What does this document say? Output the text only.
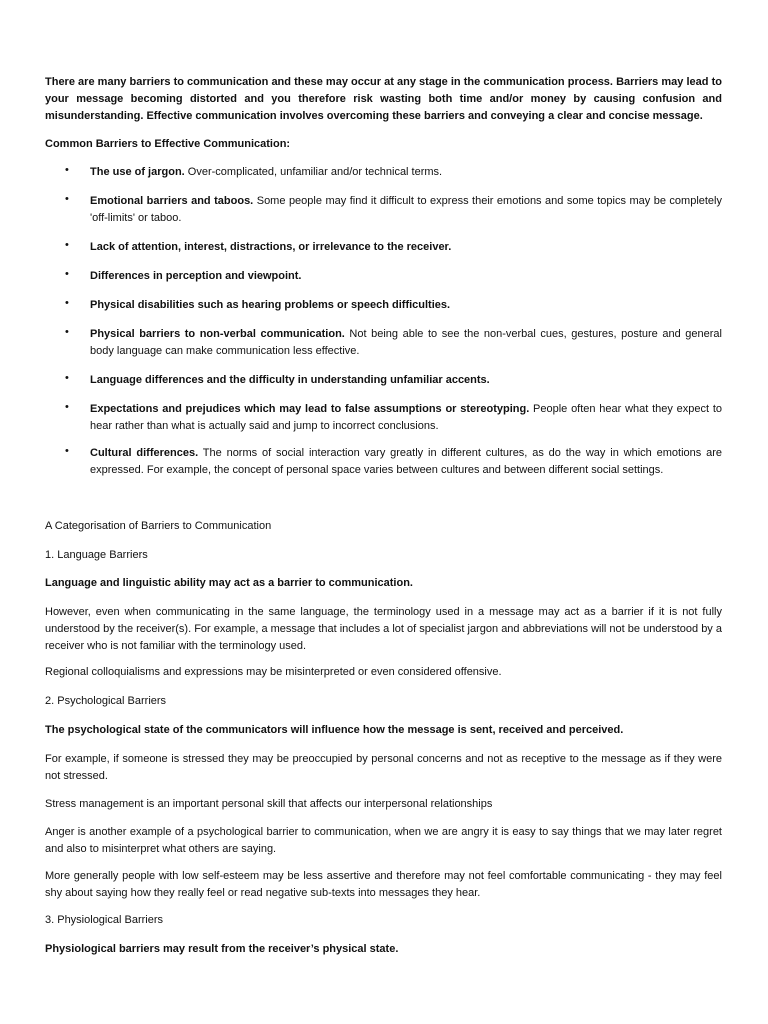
There are many barriers to communication and these may occur at any stage in the communication process. Barriers may lead to your message becoming distorted and you therefore risk wasting both time and/or money by causing confusion and misunderstanding. Effective communication involves overcoming these barriers and conveying a clear and concise message.

Common Barriers to Effective Communication:

•	The use of jargon. Over-complicated, unfamiliar and/or technical terms.

•	Emotional barriers and taboos. Some people may find it difficult to express their emotions and some topics may be completely 'off-limits' or taboo.

•	Lack of attention, interest, distractions, or irrelevance to the receiver.

•	Differences in perception and viewpoint.

•	Physical disabilities such as hearing problems or speech difficulties.

•	Physical barriers to non-verbal communication. Not being able to see the non-verbal cues, gestures, posture and general body language can make communication less effective.

•	Language differences and the difficulty in understanding unfamiliar accents.

•	Expectations and prejudices which may lead to false assumptions or stereotyping. People often hear what they expect to hear rather than what is actually said and jump to incorrect conclusions.

•	Cultural differences. The norms of social interaction vary greatly in different cultures, as do the way in which emotions are expressed. For example, the concept of personal space varies between cultures and between different social settings.

A Categorisation of Barriers to Communication

1. Language Barriers

Language and linguistic ability may act as a barrier to communication.

However, even when communicating in the same language, the terminology used in a message may act as a barrier if it is not fully understood by the receiver(s). For example, a message that includes a lot of specialist jargon and abbreviations will not be understood by a receiver who is not familiar with the terminology used.

Regional colloquialisms and expressions may be misinterpreted or even considered offensive.

2. Psychological Barriers

The psychological state of the communicators will influence how the message is sent, received and perceived.

For example, if someone is stressed they may be preoccupied by personal concerns and not as receptive to the message as if they were not stressed.

Stress management is an important personal skill that affects our interpersonal relationships

Anger is another example of a psychological barrier to communication, when we are angry it is easy to say things that we may later regret and also to misinterpret what others are saying.

More generally people with low self-esteem may be less assertive and therefore may not feel comfortable communicating - they may feel shy about saying how they really feel or read negative sub-texts into messages they hear.

3. Physiological Barriers

Physiological barriers may result from the receiver’s physical state.
